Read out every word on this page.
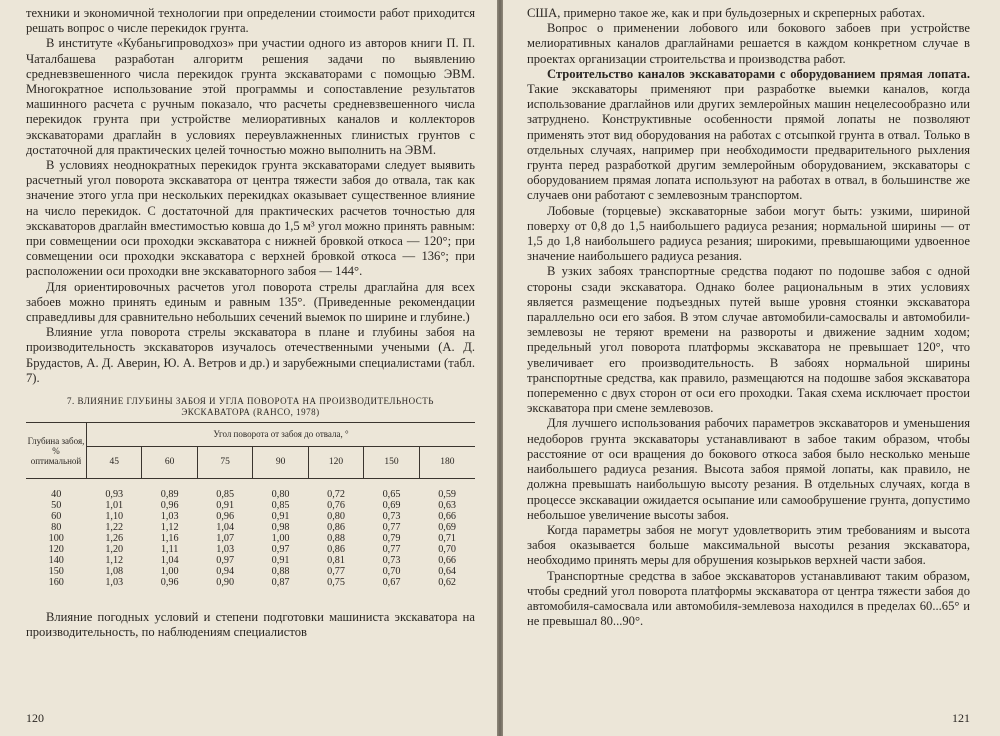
техники и экономичной технологии при определении стоимости работ приходится решать вопрос о числе перекидок грунта.

В институте «Кубаньгипроводхоз» при участии одного из авторов книги П. П. Чаталбашева разработан алгоритм решения задачи по выявлению средневзвешенного числа перекидок грунта экскаваторами с помощью ЭВМ. Многократное использование этой программы и сопоставление результатов машинного расчета с ручным показало, что расчеты средневзвешенного числа перекидок грунта при устройстве мелиоративных каналов и коллекторов экскаваторами драглайн в условиях переувлажненных глинистых грунтов с достаточной для практических целей точностью можно выполнить на ЭВМ.

В условиях неоднократных перекидок грунта экскаваторами следует выявить расчетный угол поворота экскаватора от центра тяжести забоя до отвала, так как значение этого угла при нескольких перекидках оказывает существенное влияние на число перекидок. С достаточной для практических расчетов точностью для экскаваторов драглайн вместимостью ковша до 1,5 м³ угол можно принять равным: при совмещении оси проходки экскаватора с нижней бровкой откоса — 120°; при совмещении оси проходки экскаватора с верхней бровкой откоса — 136°; при расположении оси проходки вне экскаваторного забоя — 144°.

Для ориентировочных расчетов угол поворота стрелы драглайна для всех забоев можно принять единым и равным 135°. (Приведенные рекомендации справедливы для сравнительно небольших сечений выемок по ширине и глубине.)

Влияние угла поворота стрелы экскаватора в плане и глубины забоя на производительность экскаваторов изучалось отечественными учеными (А. Д. Брудастов, А. Д. Аверин, Ю. А. Ветров и др.) и зарубежными специалистами (табл. 7).

7. ВЛИЯНИЕ ГЛУБИНЫ ЗАБОЯ И УГЛА ПОВОРОТА НА ПРОИЗВОДИТЕЛЬНОСТЬ
ЭКСКАВАТОРА (RAHCO, 1978)
Глубина забоя, % оптимальной	Угол поворота от забоя до отвала, °						
	45	60	75	90	120	150	180
40	0,93	0,89	0,85	0,80	0,72	0,65	0,59
50	1,01	0,96	0,91	0,85	0,76	0,69	0,63
60	1,10	1,03	0,96	0,91	0,80	0,73	0,66
80	1,22	1,12	1,04	0,98	0,86	0,77	0,69
100	1,26	1,16	1,07	1,00	0,88	0,79	0,71
120	1,20	1,11	1,03	0,97	0,86	0,77	0,70
140	1,12	1,04	0,97	0,91	0,81	0,73	0,66
150	1,08	1,00	0,94	0,88	0,77	0,70	0,64
160	1,03	0,96	0,90	0,87	0,75	0,67	0,62

Влияние погодных условий и степени подготовки машиниста экскаватора на производительность, по наблюдениям специалистов

120

США, примерно такое же, как и при бульдозерных и скреперных работах.

Вопрос о применении лобового или бокового забоев при устройстве мелиоративных каналов драглайнами решается в каждом конкретном случае в проектах организации строительства и производства работ.

Строительство каналов экскаваторами с оборудованием прямая лопата. Такие экскаваторы применяют при разработке выемки каналов, когда использование драглайнов или других землеройных машин нецелесообразно или затруднено. Конструктивные особенности прямой лопаты не позволяют применять этот вид оборудования на работах с отсыпкой грунта в отвал. Только в отдельных случаях, например при необходимости предварительного рыхления грунта перед разработкой другим землеройным оборудованием, экскаваторы с оборудованием прямая лопата используют на работах в отвал, в большинстве же случаев они работают с землевозным транспортом.

Лобовые (торцевые) экскаваторные забои могут быть: узкими, шириной поверху от 0,8 до 1,5 наибольшего радиуса резания; нормальной ширины — от 1,5 до 1,8 наибольшего радиуса резания; широкими, превышающими удвоенное значение наибольшего радиуса резания.

В узких забоях транспортные средства подают по подошве забоя с одной стороны сзади экскаватора. Однако более рациональным в этих условиях является размещение подъездных путей выше уровня стоянки экскаватора параллельно оси его забоя. В этом случае автомобили-самосвалы и автомобили-землевозы не теряют времени на развороты и движение задним ходом; предельный угол поворота платформы экскаватора не превышает 120°, что увеличивает его производительность. В забоях нормальной ширины транспортные средства, как правило, размещаются на подошве забоя экскаватора попеременно с двух сторон от оси его проходки. Такая схема исключает простои экскаватора при смене землевозов.

Для лучшего использования рабочих параметров экскаваторов и уменьшения недоборов грунта экскаваторы устанавливают в забое таким образом, чтобы расстояние от оси вращения до бокового откоса забоя было несколько меньше наибольшего радиуса резания. Высота забоя прямой лопаты, как правило, не должна превышать наибольшую высоту резания. В отдельных случаях, когда в процессе экскавации ожидается осыпание или самообрушение грунта, допустимо небольшое увеличение высоты забоя.

Когда параметры забоя не могут удовлетворить этим требованиям и высота забоя оказывается больше максимальной высоты резания экскаватора, необходимо принять меры для обрушения козырьков верхней части забоя.

Транспортные средства в забое экскаваторов устанавливают таким образом, чтобы средний угол поворота платформы экскаватора от центра тяжести забоя до автомобиля-самосвала или автомобиля-землевоза находился в пределах 60...65° и не превышал 80...90°.

121
